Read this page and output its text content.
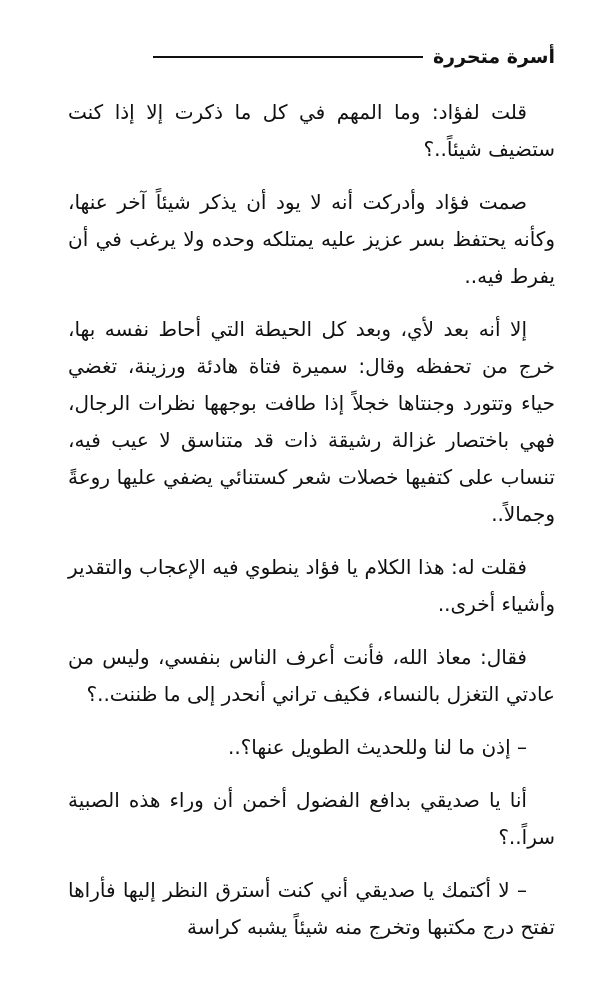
أسرة متحررة

قلت لفؤاد: وما المهم في كل ما ذكرت إلا إذا كنت ستضيف شيئاً..؟

صمت فؤاد وأدركت أنه لا يود أن يذكر شيئاً آخر عنها، وكأنه يحتفظ بسر عزيز عليه يمتلكه وحده ولا يرغب في أن يفرط فيه..

إلا أنه بعد لأي، وبعد كل الحيطة التي أحاط نفسه بها، خرج من تحفظه وقال: سميرة فتاة هادئة ورزينة، تغضي حياء وتتورد وجنتاها خجلاً إذا طافت بوجهها نظرات الرجال، فهي باختصار غزالة رشيقة ذات قد متناسق لا عيب فيه، تنساب على كتفيها خصلات شعر كستنائي يضفي عليها روعةً وجمالاً..

فقلت له: هذا الكلام يا فؤاد ينطوي فيه الإعجاب والتقدير وأشياء أخرى..

فقال: معاذ الله، فأنت أعرف الناس بنفسي، وليس من عادتي التغزل بالنساء، فكيف تراني أنحدر إلى ما ظننت..؟

– إذن ما لنا وللحديث الطويل عنها؟..

أنا يا صديقي بدافع الفضول أخمن أن وراء هذه الصبية سراً..؟

– لا أكتمك يا صديقي أني كنت أسترق النظر إليها فأراها تفتح درج مكتبها وتخرج منه شيئاً يشبه كراسة
